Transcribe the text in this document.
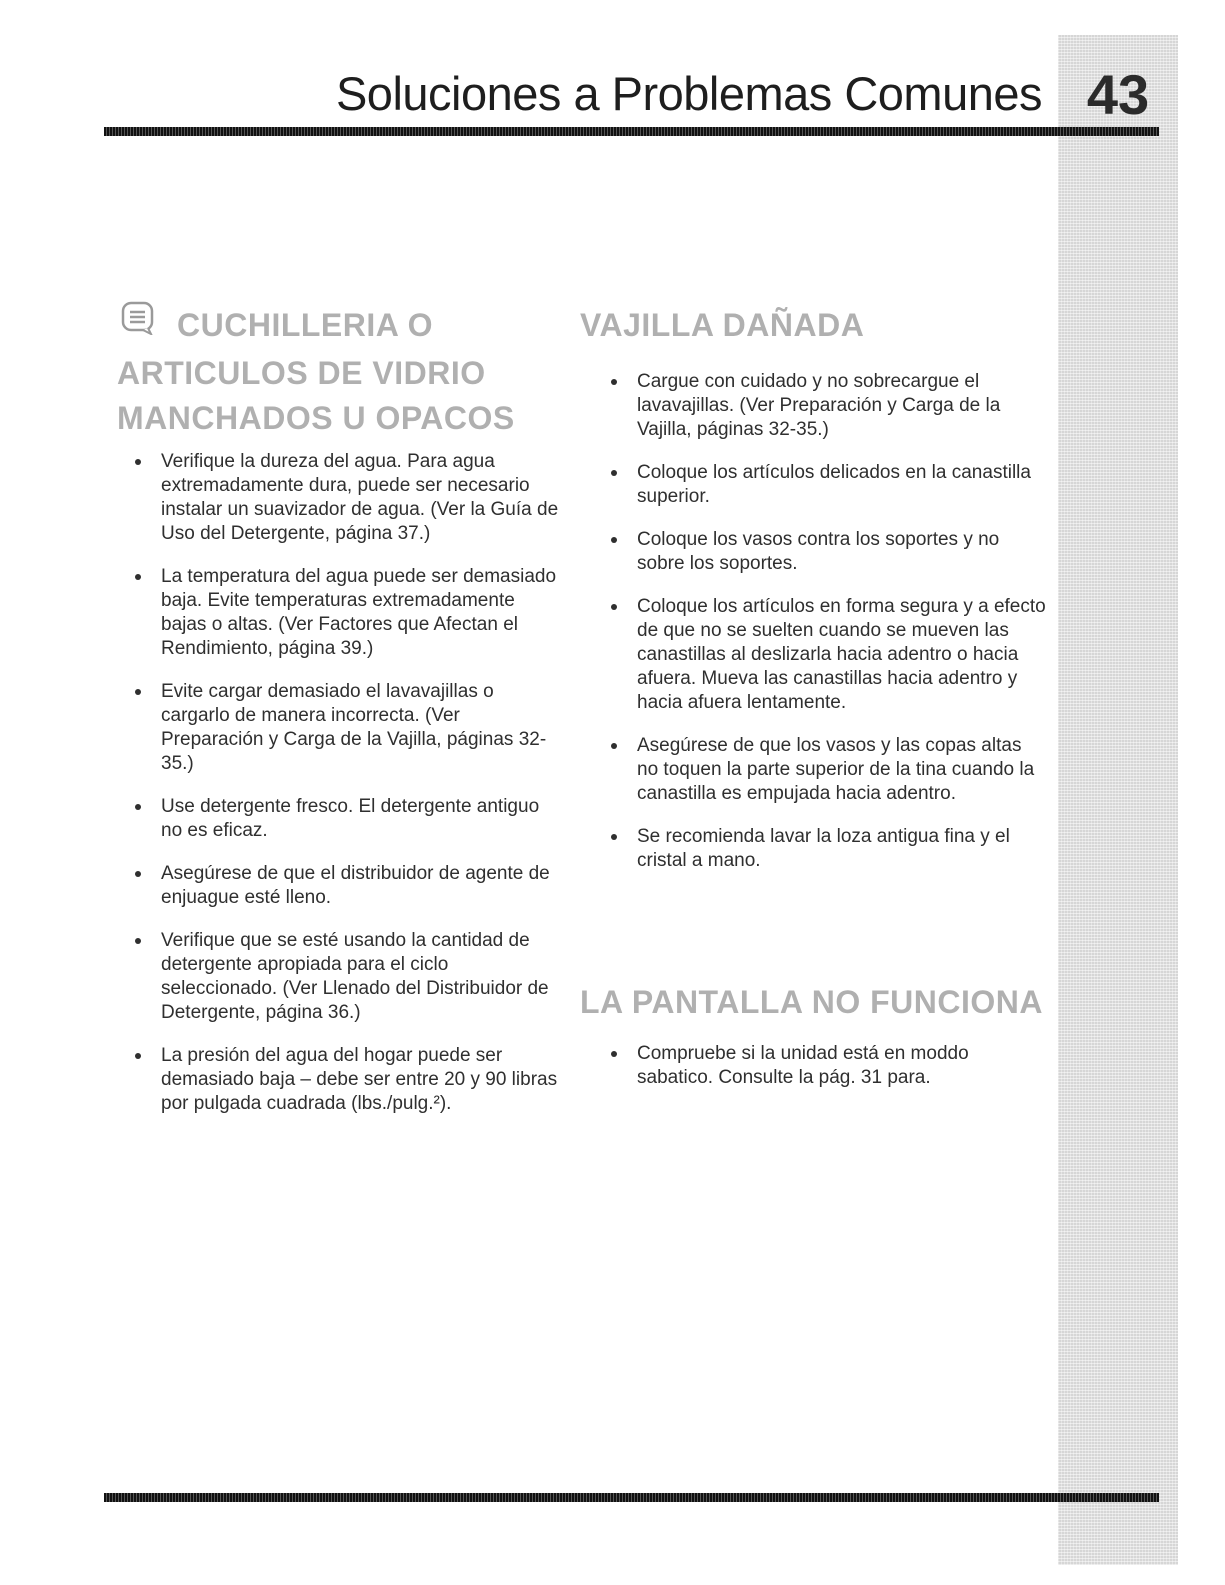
43
Soluciones a Problemas Comunes
CUCHILLERIA O
ARTICULOS DE VIDRIO
MANCHADOS U OPACOS
Verifique la dureza del agua. Para agua extremadamente dura, puede ser necesario instalar un suavizador de agua. (Ver la Guía de Uso del Detergente, página 37.)
La temperatura del agua puede ser demasiado baja. Evite temperaturas extremadamente bajas o altas. (Ver Factores que Afectan el Rendimiento, página 39.)
Evite cargar demasiado el lavavajillas o cargarlo de manera incorrecta. (Ver Preparación y Carga de la Vajilla, páginas 32-35.)
Use detergente fresco. El detergente antiguo no es eficaz.
Asegúrese de que el distribuidor de agente de enjuague esté lleno.
Verifique que se esté usando la cantidad de detergente apropiada para el ciclo seleccionado. (Ver Llenado del Distribuidor de Detergente, página 36.)
La presión del agua del hogar puede ser demasiado baja – debe ser entre 20 y 90 libras por pulgada cuadrada (lbs./pulg.²).
VAJILLA DAÑADA
Cargue con cuidado y no sobrecargue el lavavajillas. (Ver Preparación y Carga de la Vajilla, páginas 32-35.)
Coloque los artículos delicados en la canastilla superior.
Coloque los vasos contra los soportes y no sobre los soportes.
Coloque los artículos en forma segura y a efecto de que no se suelten cuando se mueven las canastillas al deslizarla hacia adentro o hacia afuera. Mueva las canastillas hacia adentro y hacia afuera lentamente.
Asegúrese de que los vasos y las copas altas no toquen la parte superior de la tina cuando la canastilla es empujada hacia adentro.
Se recomienda lavar la loza antigua fina y el cristal a mano.
LA PANTALLA NO FUNCIONA
Compruebe si la unidad está en moddo sabatico. Consulte la pág. 31 para.
